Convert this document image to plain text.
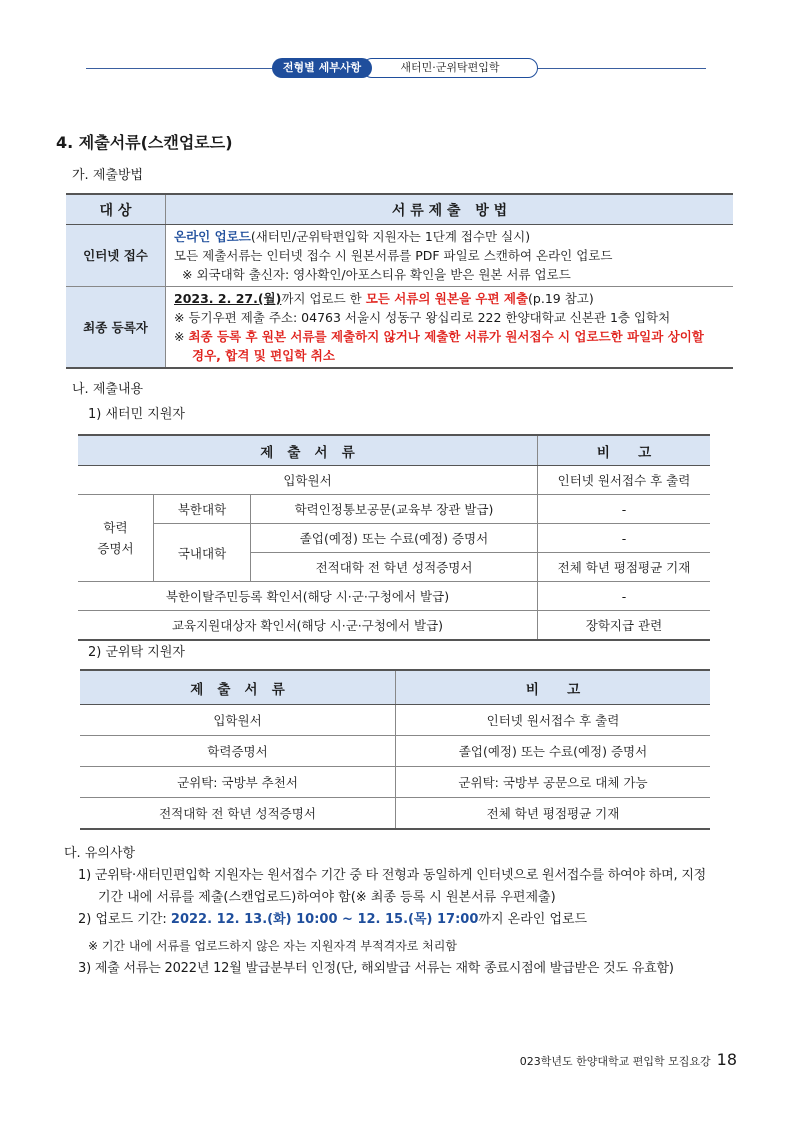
새터민·군위탁편입학
전형별 세부사항
4. 제출서류(스캔업로드)
가. 제출방법
대 상	서 류 제 출   방 법
인터넷 접수	온라인 업로드(새터민/군위탁편입학 지원자는 1단계 접수만 실시)
모든 제출서류는 인터넷 접수 시 원본서류를 PDF 파일로 스캔하여 온라인 업로드
※ 외국대학 출신자: 영사확인/아포스티유 확인을 받은 원본 서류 업로드

최종 등록자	2023. 2. 27.(월)까지 업로드 한 모든 서류의 원본을 우편 제출(p.19 참고)
※ 등기우편 제출 주소: 04763 서울시 성동구 왕십리로 222 한양대학교 신본관 1층 입학처
※ 최종 등록 후 원본 서류를 제출하지 않거나 제출한 서류가 원서접수 시 업로드한 파일과 상이할
경우, 합격 및 편입학 취소
나. 제출내용
1) 새터민 지원자
제   출   서   류			비      고
입학원서			인터넷 원서접수 후 출력
학력
증명서	북한대학	학력인정통보공문(교육부 장관 발급)	-
	국내대학	졸업(예정) 또는 수료(예정) 증명서	-
		전적대학 전 학년 성적증명서	전체 학년 평점평균 기재
북한이탈주민등록 확인서(해당 시·군·구청에서 발급)			-
교육지원대상자 확인서(해당 시·군·구청에서 발급)			장학지급 관련
2) 군위탁 지원자
제   출   서   류	비      고
입학원서	인터넷 원서접수 후 출력
학력증명서	졸업(예정) 또는 수료(예정) 증명서
군위탁: 국방부 추천서	군위탁: 국방부 공문으로 대체 가능
전적대학 전 학년 성적증명서	전체 학년 평점평균 기재
다. 유의사항
1) 군위탁·새터민편입학 지원자는 원서접수 기간 중 타 전형과 동일하게 인터넷으로 원서접수를 하여야 하며, 지정
기간 내에 서류를 제출(스캔업로드)하여야 함(※ 최종 등록 시 원본서류 우편제출)
2) 업로드 기간: 2022. 12. 13.(화) 10:00 ~ 12. 15.(목) 17:00까지 온라인 업로드
※ 기간 내에 서류를 업로드하지 않은 자는 지원자격 부적격자로 처리함
3) 제출 서류는 2022년 12월 발급분부터 인정(단, 해외발급 서류는 재학 종료시점에 발급받은 것도 유효함)
023학년도 한양대학교 편입학 모집요강 18
